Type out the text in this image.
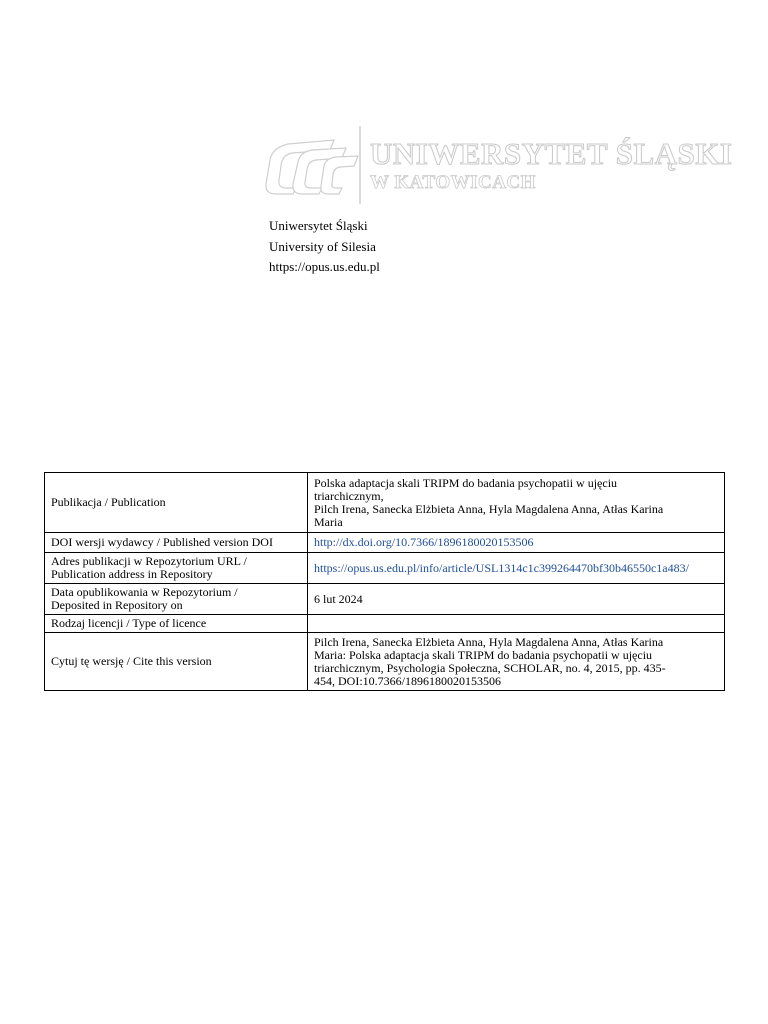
UNIWERSYTET ŚLĄSKI
W KATOWICACH
Uniwersytet Śląski
University of Silesia
https://opus.us.edu.pl
Publikacja / Publication	Polska adaptacja skali TRIPM do badania psychopatii w ujęciu
triarchicznym,
Pilch Irena, Sanecka Elżbieta Anna, Hyla Magdalena Anna, Atłas Karina
Maria

DOI wersji wydawcy / Published version DOI	http://dx.doi.org/10.7366/1896180020153506

Adres publikacji w Repozytorium URL /
Publication address in Repository	https://opus.us.edu.pl/info/article/USL1314c1c399264470bf30b46550c1a483/

Data opublikowania w Repozytorium /
Deposited in Repository on	6 lut 2024
Rodzaj licencji / Type of licence	
Cytuj tę wersję / Cite this version	Pilch Irena, Sanecka Elżbieta Anna, Hyla Magdalena Anna, Atłas Karina
Maria: Polska adaptacja skali TRIPM do badania psychopatii w ujęciu
triarchicznym, Psychologia Społeczna, SCHOLAR, no. 4, 2015, pp. 435-
454, DOI:10.7366/1896180020153506
